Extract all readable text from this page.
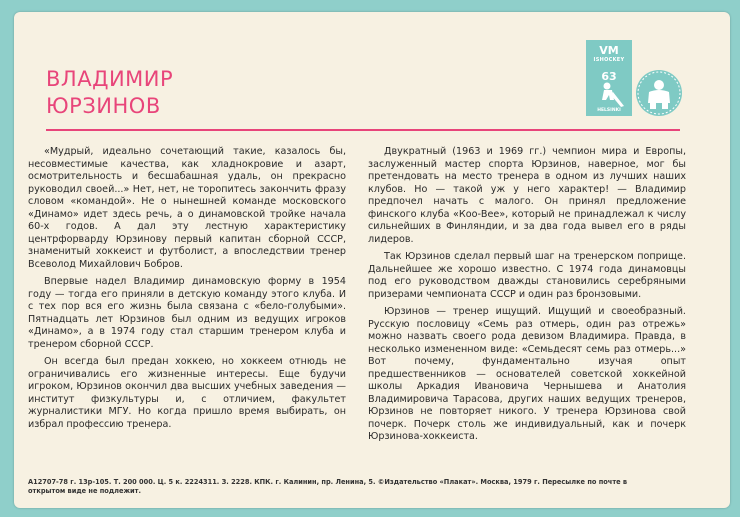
VM
ISHOCKEY
63
HELSINKI
ВЛАДИМИР
ЮРЗИНОВ

«Мудрый, идеально сочетающий такие, казалось бы, несовместимые качества, как хладнокровие и азарт, осмотрительность и бесшабашная удаль, он прекрасно руководил своей...» Нет, нет, не торопитесь закончить фразу словом «командой». Не о нынешней команде московского «Динамо» идет здесь речь, а о динамовской тройке начала 60-х годов. А дал эту лестную характеристику центрфорварду Юрзинову первый капитан сборной СССР, знаменитый хоккеист и футболист, а впоследствии тренер Всеволод Михайлович Бобров.

Впервые надел Владимир динамовскую форму в 1954 году — тогда его приняли в детскую команду этого клуба. И с тех пор вся его жизнь была связана с «бело-голубыми». Пятнадцать лет Юрзинов был одним из ведущих игроков «Динамо», а в 1974 году стал старшим тренером клуба и тренером сборной СССР.

Он всегда был предан хоккею, но хоккеем отнюдь не ограничивались его жизненные интересы. Еще будучи игроком, Юрзинов окончил два высших учебных заведения — институт физкультуры и, с отличием, факультет журналистики МГУ. Но когда пришло время выбирать, он избрал профессию тренера.

Двукратный (1963 и 1969 гг.) чемпион мира и Европы, заслуженный мастер спорта Юрзинов, наверное, мог бы претендовать на место тренера в одном из лучших наших клубов. Но — такой уж у него характер! — Владимир предпочел начать с малого. Он принял предложение финского клуба «Коо-Вее», который не принадлежал к числу сильнейших в Финляндии, и за два года вывел его в ряды лидеров.

Так Юрзинов сделал первый шаг на тренерском поприще. Дальнейшее же хорошо известно. С 1974 года динамовцы под его руководством дважды становились серебряными призерами чемпионата СССР и один раз бронзовыми.

Юрзинов — тренер ищущий. Ищущий и своеобразный. Русскую пословицу «Семь раз отмерь, один раз отрежь» можно назвать своего рода девизом Владимира. Правда, в несколько измененном виде: «Семьдесят семь раз отмерь...» Вот почему, фундаментально изучая опыт предшественников — основателей советской хоккейной школы Аркадия Ивановича Чернышева и Анатолия Владимировича Тарасова, других наших ведущих тренеров, Юрзинов не повторяет никого. У тренера Юрзинова свой почерк. Почерк столь же индивидуальный, как и почерк Юрзинова-хоккеиста.

А12707-78 г. 13р-105. Т. 200 000. Ц. 5 к. 2224311. З. 2228. КПК. г. Калинин, пр. Ленина, 5. ©Издательство «Плакат». Москва, 1979 г. Пересылке по почте в
открытом виде не подлежит.
